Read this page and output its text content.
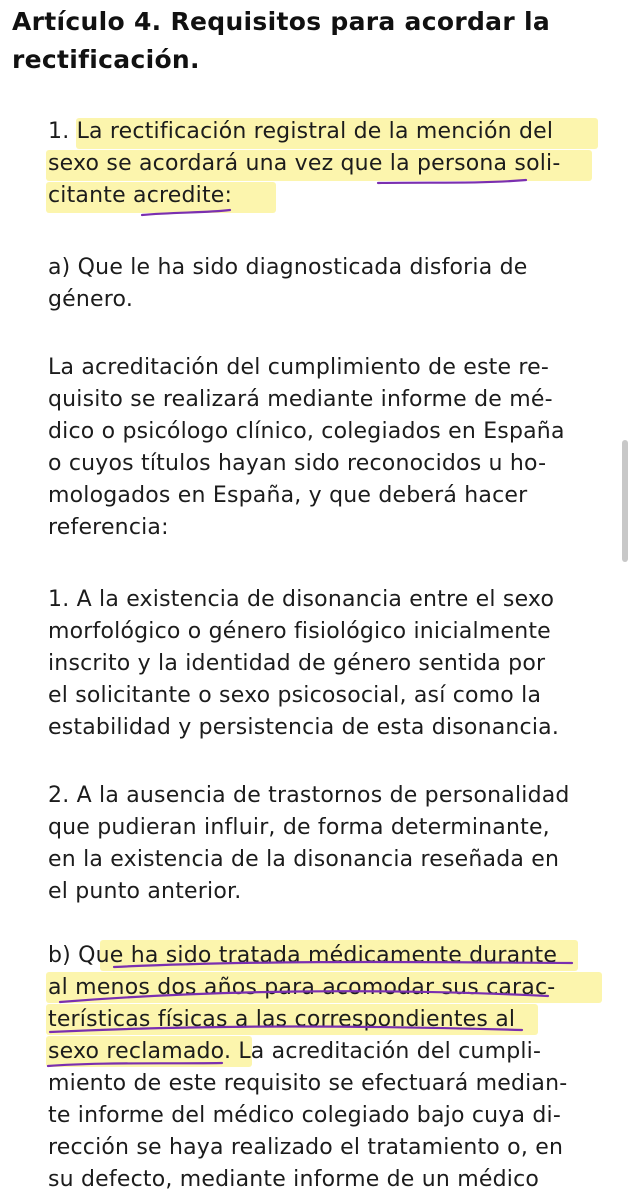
Artículo 4. Requisitos para acordar la
rectificación.
1. La rectificación registral de la mención del
sexo se acordará una vez que la persona soli-
citante acredite:
a) Que le ha sido diagnosticada disforia de
género.
La acreditación del cumplimiento de este re-
quisito se realizará mediante informe de mé-
dico o psicólogo clínico, colegiados en España
o cuyos títulos hayan sido reconocidos u ho-
mologados en España, y que deberá hacer
referencia:
1. A la existencia de disonancia entre el sexo
morfológico o género fisiológico inicialmente
inscrito y la identidad de género sentida por
el solicitante o sexo psicosocial, así como la
estabilidad y persistencia de esta disonancia.
2. A la ausencia de trastornos de personalidad
que pudieran influir, de forma determinante,
en la existencia de la disonancia reseñada en
el punto anterior.
b) Que ha sido tratada médicamente durante
al menos dos años para acomodar sus carac-
terísticas físicas a las correspondientes al
sexo reclamado. La acreditación del cumpli-
miento de este requisito se efectuará median-
te informe del médico colegiado bajo cuya di-
rección se haya realizado el tratamiento o, en
su defecto, mediante informe de un médico
